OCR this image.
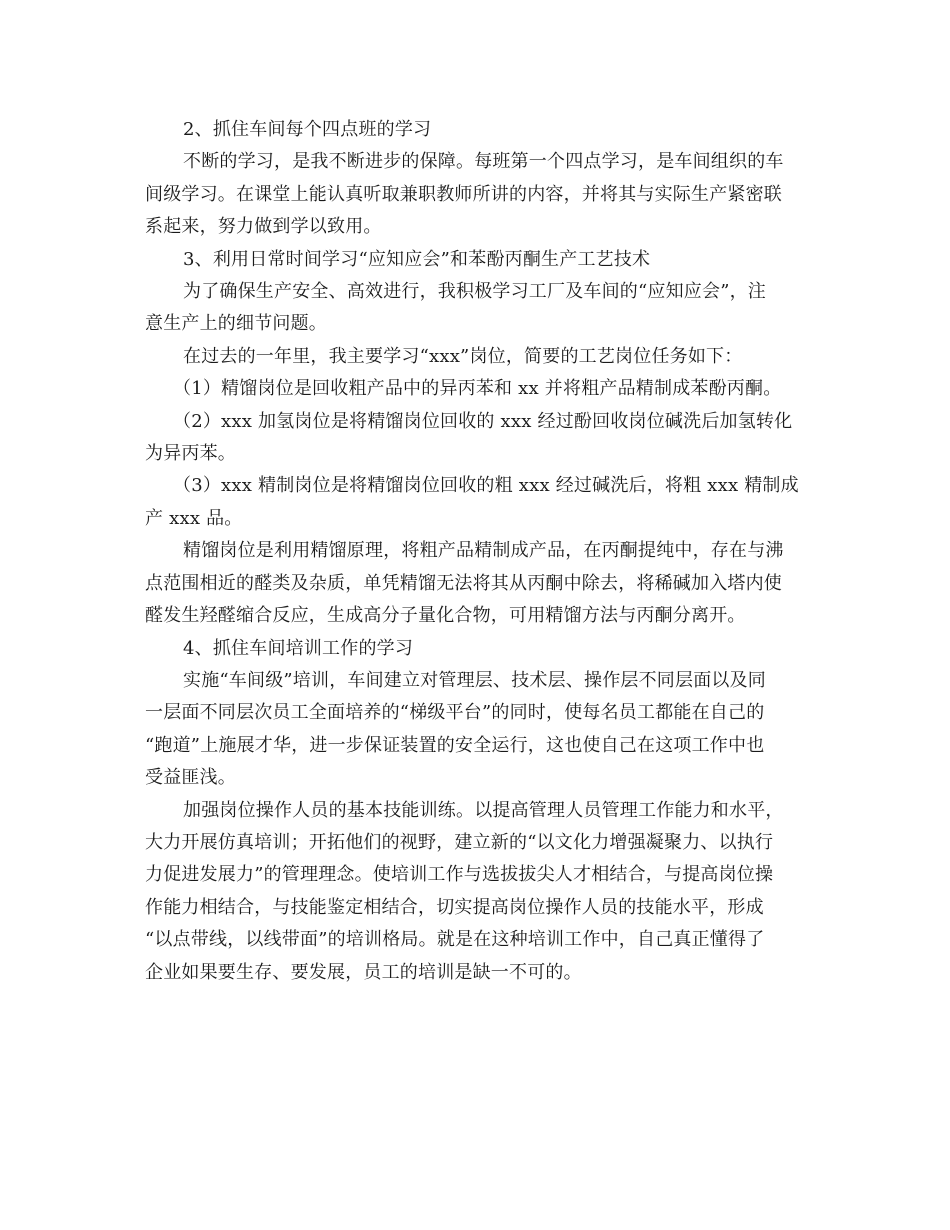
2、抓住车间每个四点班的学习

不断的学习，是我不断进步的保障。每班第一个四点学习，是车间组织的车

间级学习。在课堂上能认真听取兼职教师所讲的内容，并将其与实际生产紧密联

系起来，努力做到学以致用。

3、利用日常时间学习“应知应会”和苯酚丙酮生产工艺技术

为了确保生产安全、高效进行，我积极学习工厂及车间的“应知应会”，注

意生产上的细节问题。

在过去的一年里，我主要学习“xxx”岗位，简要的工艺岗位任务如下：

（1）精馏岗位是回收粗产品中的异丙苯和 xx 并将粗产品精制成苯酚丙酮。

（2）xxx 加氢岗位是将精馏岗位回收的 xxx 经过酚回收岗位碱洗后加氢转化

为异丙苯。

（3）xxx 精制岗位是将精馏岗位回收的粗 xxx 经过碱洗后，将粗 xxx 精制成

产 xxx 品。

精馏岗位是利用精馏原理，将粗产品精制成产品，在丙酮提纯中，存在与沸

点范围相近的醛类及杂质，单凭精馏无法将其从丙酮中除去，将稀碱加入塔内使

醛发生羟醛缩合反应，生成高分子量化合物，可用精馏方法与丙酮分离开。

4、抓住车间培训工作的学习

实施“车间级”培训，车间建立对管理层、技术层、操作层不同层面以及同

一层面不同层次员工全面培养的“梯级平台”的同时，使每名员工都能在自己的

“跑道”上施展才华，进一步保证装置的安全运行，这也使自己在这项工作中也

受益匪浅。

加强岗位操作人员的基本技能训练。以提高管理人员管理工作能力和水平，

大力开展仿真培训；开拓他们的视野，建立新的“以文化力增强凝聚力、以执行

力促进发展力”的管理理念。使培训工作与选拔拔尖人才相结合，与提高岗位操

作能力相结合，与技能鉴定相结合，切实提高岗位操作人员的技能水平，形成

“以点带线，以线带面”的培训格局。就是在这种培训工作中，自己真正懂得了

企业如果要生存、要发展，员工的培训是缺一不可的。
